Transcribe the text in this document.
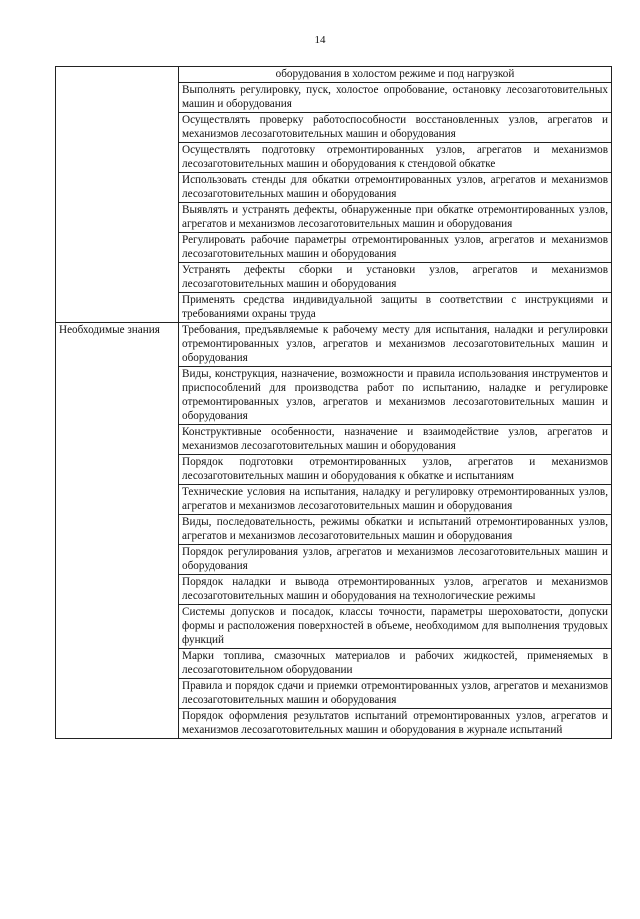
14
	оборудования в холостом режиме и под нагрузкой
	Выполнять регулировку, пуск, холостое опробование, остановку лесозаготовительных машин и оборудования
	Осуществлять проверку работоспособности восстановленных узлов, агрегатов и механизмов лесозаготовительных машин и оборудования
	Осуществлять подготовку отремонтированных узлов, агрегатов и механизмов лесозаготовительных машин и оборудования к стендовой обкатке
	Использовать стенды для обкатки отремонтированных узлов, агрегатов и механизмов лесозаготовительных машин и оборудования
	Выявлять и устранять дефекты, обнаруженные при обкатке отремонтированных узлов, агрегатов и механизмов лесозаготовительных машин и оборудования
	Регулировать рабочие параметры отремонтированных узлов, агрегатов и механизмов лесозаготовительных машин и оборудования
	Устранять дефекты сборки и установки узлов, агрегатов и механизмов лесозаготовительных машин и оборудования
	Применять средства индивидуальной защиты в соответствии с инструкциями и требованиями охраны труда
Необходимые знания	Требования, предъявляемые к рабочему месту для испытания, наладки и регулировки отремонтированных узлов, агрегатов и механизмов лесозаготовительных машин и оборудования
	Виды, конструкция, назначение, возможности и правила использования инструментов и приспособлений для производства работ по испытанию, наладке и регулировке отремонтированных узлов, агрегатов и механизмов лесозаготовительных машин и оборудования
	Конструктивные особенности, назначение и взаимодействие узлов, агрегатов и механизмов лесозаготовительных машин и оборудования
	Порядок подготовки отремонтированных узлов, агрегатов и механизмов лесозаготовительных машин и оборудования к обкатке и испытаниям
	Технические условия на испытания, наладку и регулировку отремонтированных узлов, агрегатов и механизмов лесозаготовительных машин и оборудования
	Виды, последовательность, режимы обкатки и испытаний отремонтированных узлов, агрегатов и механизмов лесозаготовительных машин и оборудования
	Порядок регулирования узлов, агрегатов и механизмов лесозаготовительных машин и оборудования
	Порядок наладки и вывода отремонтированных узлов, агрегатов и механизмов лесозаготовительных машин и оборудования на технологические режимы
	Системы допусков и посадок, классы точности, параметры шероховатости, допуски формы и расположения поверхностей в объеме, необходимом для выполнения трудовых функций
	Марки топлива, смазочных материалов и рабочих жидкостей, применяемых в лесозаготовительном оборудовании
	Правила и порядок сдачи и приемки отремонтированных узлов, агрегатов и механизмов лесозаготовительных машин и оборудования
	Порядок оформления результатов испытаний отремонтированных узлов, агрегатов и механизмов лесозаготовительных машин и оборудования в журнале испытаний
